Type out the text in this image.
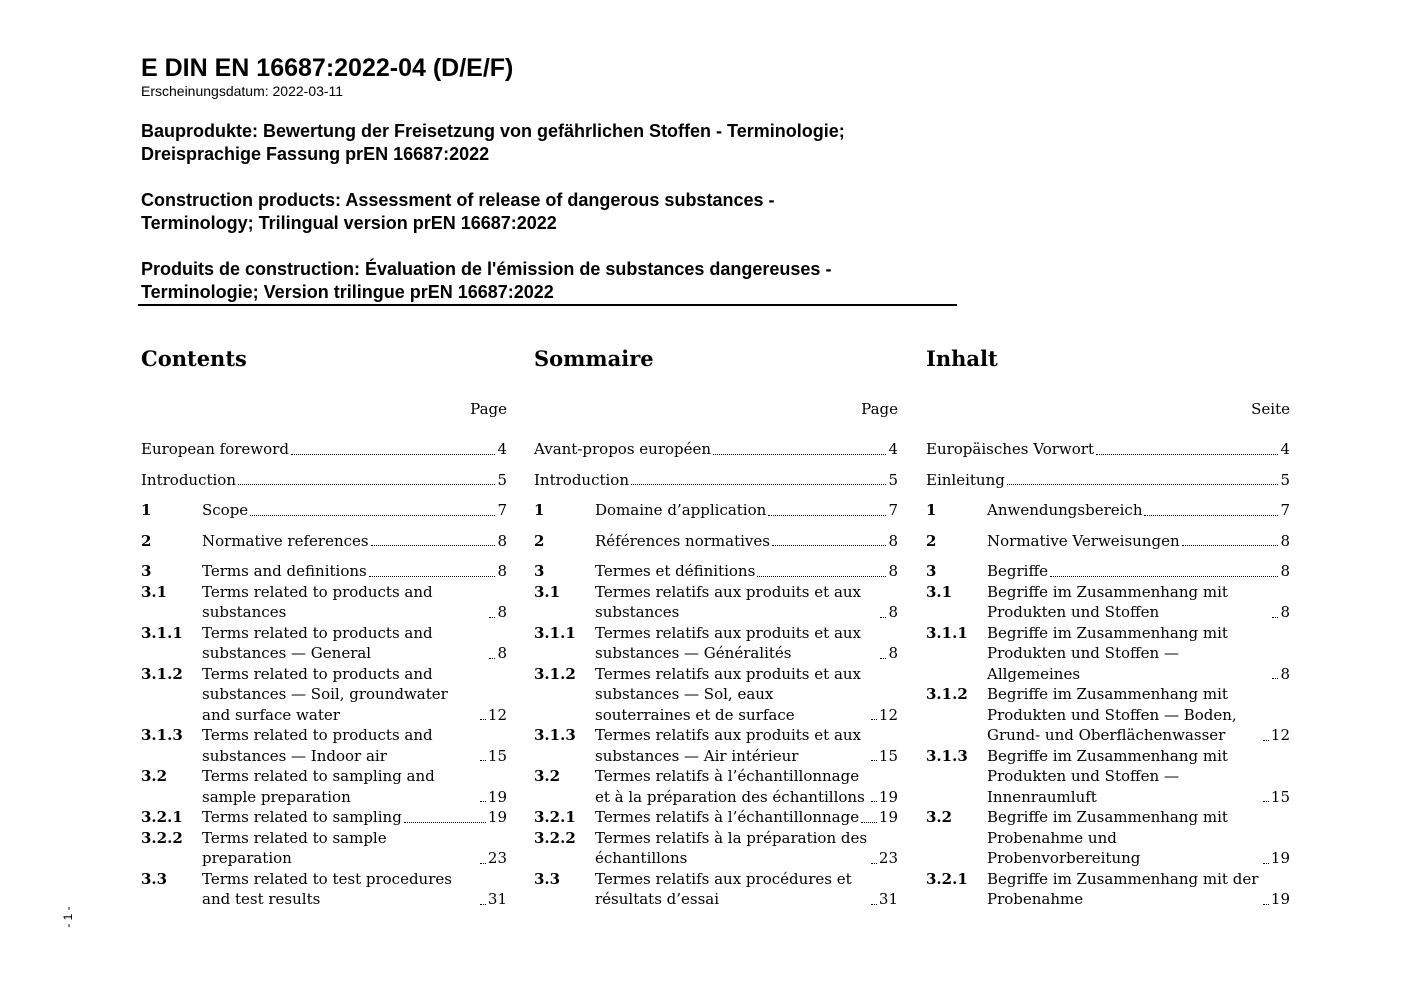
E DIN EN 16687:2022-04 (D/E/F)
Erscheinungsdatum: 2022-03-11
Bauprodukte: Bewertung der Freisetzung von gefährlichen Stoffen - Terminologie;
Dreisprachige Fassung prEN 16687:2022
Construction products: Assessment of release of dangerous substances -
Terminology; Trilingual version prEN 16687:2022
Produits de construction: Évaluation de l'émission de substances dangereuses -
Terminologie; Version trilingue prEN 16687:2022
Contents
Page
European foreword	4
Introduction	5
1	Scope	7
2	Normative references	8
3	Terms and definitions	8
3.1	Terms related to products and substances	8
3.1.1	Terms related to products and substances — General	8
3.1.2	Terms related to products and substances — Soil, groundwater and surface water	12
3.1.3	Terms related to products and substances — Indoor air	15
3.2	Terms related to sampling and sample preparation	19
3.2.1	Terms related to sampling	19
3.2.2	Terms related to sample preparation	23
3.3	Terms related to test procedures and test results	31
Sommaire
Page
Avant-propos européen	4
Introduction	5
1	Domaine d’application	7
2	Références normatives	8
3	Termes et définitions	8
3.1	Termes relatifs aux produits et aux substances	8
3.1.1	Termes relatifs aux produits et aux substances — Généralités	8
3.1.2	Termes relatifs aux produits et aux substances — Sol, eaux souterraines et de surface	12
3.1.3	Termes relatifs aux produits et aux substances — Air intérieur	15
3.2	Termes relatifs à l’échantillonnage et à la préparation des échantillons 19
3.2.1	Termes relatifs à l’échantillonnage 19
3.2.2	Termes relatifs à la préparation des échantillons	23
3.3	Termes relatifs aux procédures et résultats d’essai	31
Inhalt
Seite
Europäisches Vorwort	4
Einleitung	5
1	Anwendungsbereich	7
2	Normative Verweisungen	8
3	Begriffe	8
3.1	Begriffe im Zusammenhang mit Produkten und Stoffen	8
3.1.1	Begriffe im Zusammenhang mit Produkten und Stoffen — Allgemeines	8
3.1.2	Begriffe im Zusammenhang mit Produkten und Stoffen — Boden, Grund- und Oberflächenwasser	12
3.1.3	Begriffe im Zusammenhang mit Produkten und Stoffen — Innenraumluft	15
3.2	Begriffe im Zusammenhang mit Probenahme und Probenvorbereitung	19
3.2.1	Begriffe im Zusammenhang mit der Probenahme	19
- 1 -
